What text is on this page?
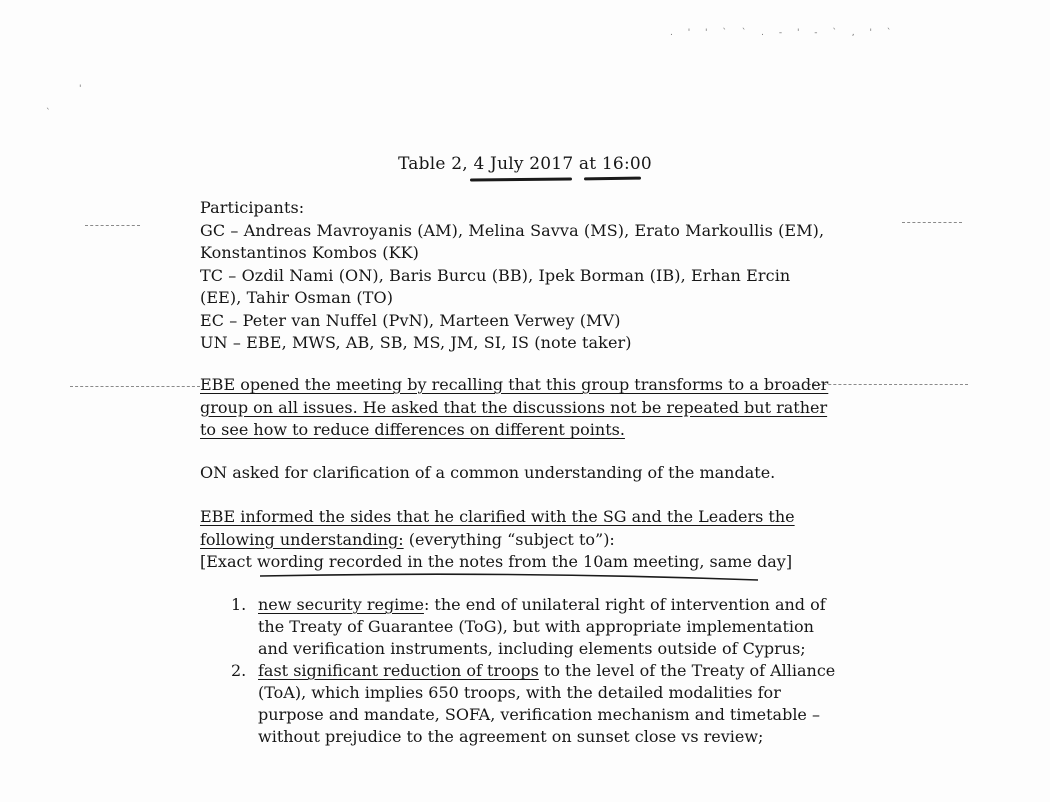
. ' ' ` ` . - ' - ` , ' `
'
`
Table 2, 4 July 2017 at 16:00
Participants:
GC – Andreas Mavroyanis (AM), Melina Savva (MS), Erato Markoullis (EM),
Konstantinos Kombos (KK)
TC – Ozdil Nami (ON), Baris Burcu (BB), Ipek Borman (IB), Erhan Ercin
(EE), Tahir Osman (TO)
EC – Peter van Nuffel (PvN), Marteen Verwey (MV)
UN – EBE, MWS, AB, SB, MS, JM, SI, IS (note taker)
EBE opened the meeting by recalling that this group transforms to a broader group on all issues. He asked that the discussions not be repeated but rather to see how to reduce differences on different points.
ON asked for clarification of a common understanding of the mandate.
EBE informed the sides that he clarified with the SG and the Leaders the following understanding: (everything “subject to”):
[Exact wording recorded in the notes from the 10am meeting, same day]
1. new security regime: the end of unilateral right of intervention and of the Treaty of Guarantee (ToG), but with appropriate implementation and verification instruments, including elements outside of Cyprus;
2. fast significant reduction of troops to the level of the Treaty of Alliance (ToA), which implies 650 troops, with the detailed modalities for purpose and mandate, SOFA, verification mechanism and timetable – without prejudice to the agreement on sunset close vs review;
